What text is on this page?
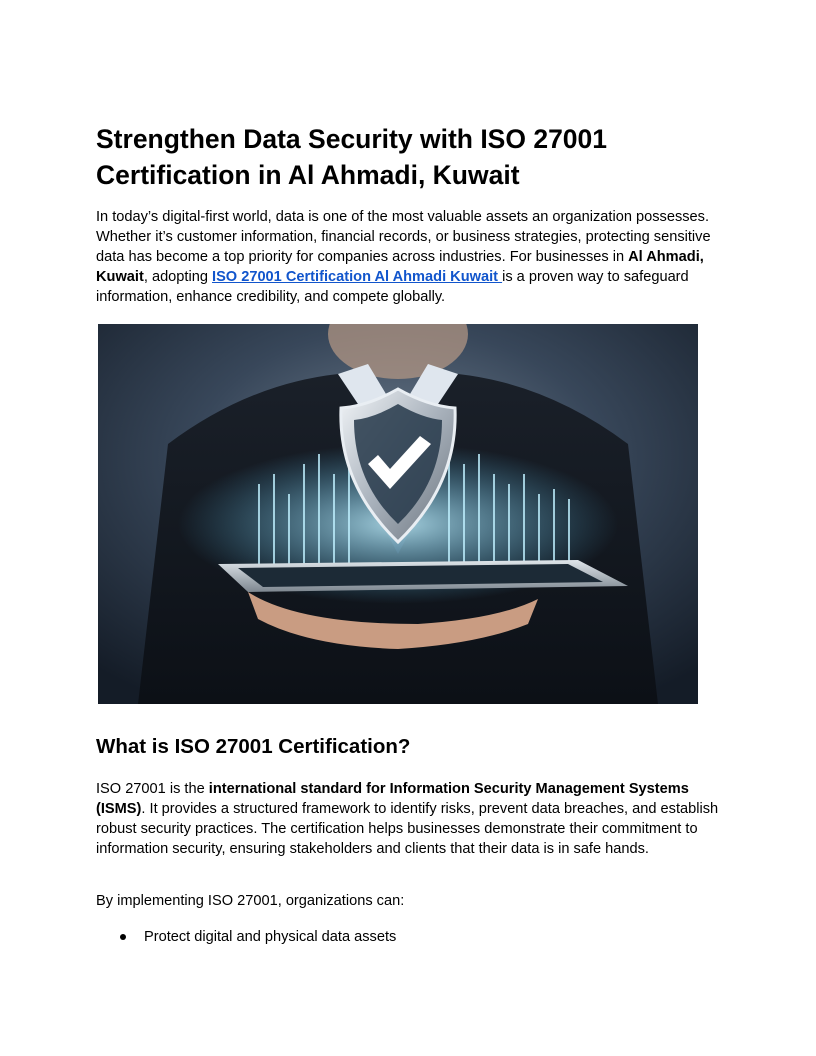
Strengthen Data Security with ISO 27001 Certification in Al Ahmadi, Kuwait

In today’s digital-first world, data is one of the most valuable assets an organization possesses. Whether it’s customer information, financial records, or business strategies, protecting sensitive data has become a top priority for companies across industries. For businesses in Al Ahmadi, Kuwait, adopting ISO 27001 Certification Al Ahmadi Kuwait is a proven way to safeguard information, enhance credibility, and compete globally.

What is ISO 27001 Certification?

ISO 27001 is the international standard for Information Security Management Systems (ISMS). It provides a structured framework to identify risks, prevent data breaches, and establish robust security practices. The certification helps businesses demonstrate their commitment to information security, ensuring stakeholders and clients that their data is in safe hands.

By implementing ISO 27001, organizations can:

Protect digital and physical data assets
